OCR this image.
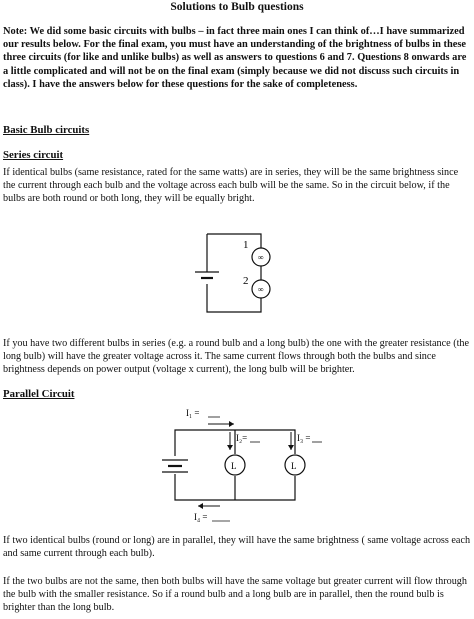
Solutions to Bulb questions
Note: We did some basic circuits with bulbs – in fact three main ones I can think of…I have summarized our results below. For the final exam, you must have an understanding of the brightness of bulbs in these three circuits (for like and unlike bulbs) as well as answers to questions 6 and 7. Questions 8 onwards are a little complicated and will not be on the final exam (simply because we did not discuss such circuits in class). I have the answers below for these questions for the sake of completeness.
Basic Bulb circuits
Series circuit
If identical bulbs (same resistance, rated for the same watts) are in series, they will be the same brightness since the current through each bulb and the voltage across each bulb will be the same. So in the circuit below, if the bulbs are both round or both long, they will be equally bright.
∞
1
∞
2
If you have two different bulbs in series (e.g. a round bulb and a long bulb) the one with the greater resistance (the long bulb) will have the greater voltage across it. The same current flows through both the bulbs and since brightness depends on power output (voltage x current), the long bulb will be brighter.
Parallel Circuit
I₁ =
I₂=	I₃ =
L	L
I₄ =
If two identical bulbs (round or long) are in parallel, they will have the same brightness ( same voltage across each and same current through each bulb).
If the two bulbs are not the same, then both bulbs will have the same voltage but greater current will flow through the bulb with the smaller resistance. So if a round bulb and a long bulb are in parallel, then the round bulb is brighter than the long bulb.
